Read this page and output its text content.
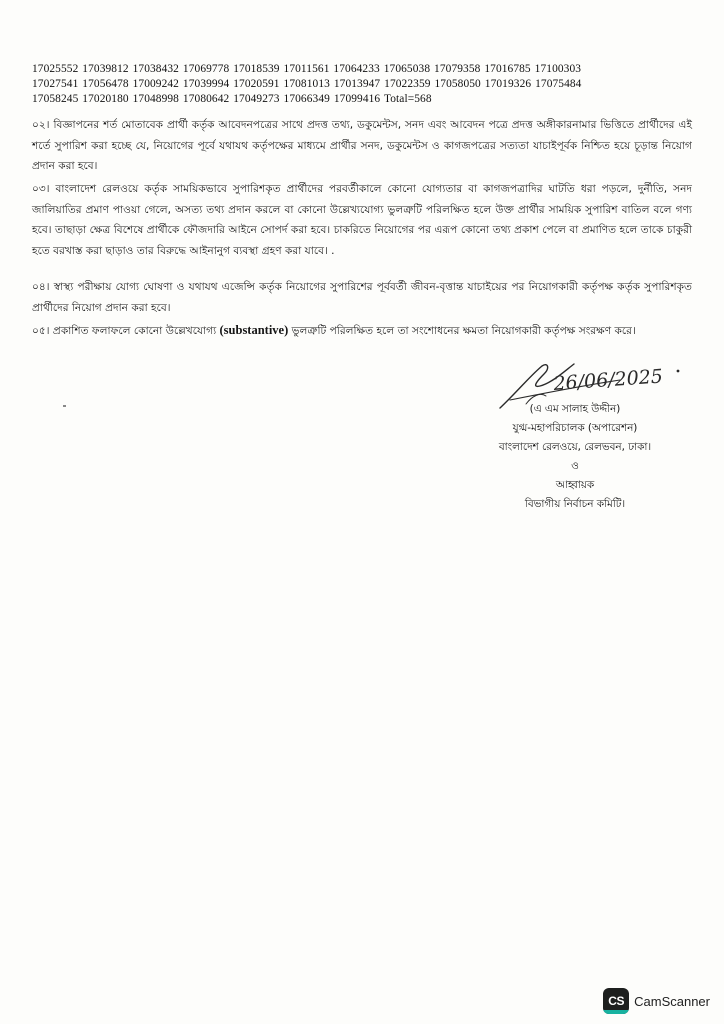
17025552 17039812 17038432 17069778 17018539 17011561 17064233 17065038 17079358 17016785 17100303
17027541 17056478 17009242 17039994 17020591 17081013 17013947 17022359 17058050 17019326 17075484
17058245 17020180 17048998 17080642 17049273 17066349 17099416 Total=568

০২। বিজ্ঞাপনের শর্ত মোতাবেক প্রার্থী কর্তৃক আবেদনপত্রের সাথে প্রদত্ত তথ্য, ডকুমেন্টস, সনদ এবং আবেদন পত্রে প্রদত্ত অঙ্গীকারনামার ভিত্তিতে প্রার্থীদের এই শর্তে সুপারিশ করা হচ্ছে যে, নিয়োগের পূর্বে যথাযথ কর্তৃপক্ষের মাধ্যমে প্রার্থীর সনদ, ডকুমেন্টস ও কাগজপত্রের সত্যতা যাচাইপূর্বক নিশ্চিত হয়ে চূড়ান্ত নিয়োগ প্রদান করা হবে।

০৩। বাংলাদেশ রেলওয়ে কর্তৃক সাময়িকভাবে সুপারিশকৃত প্রার্থীদের পরবর্তীকালে কোনো যোগ্যতার বা কাগজপত্রাদির ঘাটতি ধরা পড়লে, দুর্নীতি, সনদ জালিয়াতির প্রমাণ পাওয়া গেলে, অসত্য তথ্য প্রদান করলে বা কোনো উল্লেখ্যযোগ্য ভুলত্রুটি পরিলক্ষিত হলে উক্ত প্রার্থীর সাময়িক সুপারিশ বাতিল বলে গণ্য হবে। তাছাড়া ক্ষেত্র বিশেষে প্রার্থীকে ফৌজদারি আইনে সোপর্দ করা হবে। চাকরিতে নিয়োগের পর এরূপ কোনো তথ্য প্রকাশ পেলে বা প্রমাণিত হলে তাকে চাকুরী হতে বরখাস্ত করা ছাড়াও তার বিরুদ্ধে আইনানুগ ব্যবস্থা গ্রহণ করা যাবে। .

০৪। স্বাস্থ্য পরীক্ষায় যোগ্য ঘোষণা ও যথাযথ এজেন্সি কর্তৃক নিয়োগের সুপারিশের পূর্ববর্তী জীবন-বৃত্তান্ত যাচাইয়ের পর নিয়োগকারী কর্তৃপক্ষ কর্তৃক সুপারিশকৃত প্রার্থীদের নিয়োগ প্রদান করা হবে।

০৫। প্রকাশিত ফলাফলে কোনো উল্লেখযোগ্য (substantive) ভুলত্রুটি পরিলক্ষিত হলে তা সংশোধনের ক্ষমতা নিয়োগকারী কর্তৃপক্ষ সংরক্ষণ করে।

26/06/2025
(এ এম সালাহ উদ্দীন)
যুগ্ম-মহাপরিচালক (অপারেশন)
বাংলাদেশ রেলওয়ে, রেলভবন, ঢাকা।
ও
আহ্বায়ক
বিভাগীয় নির্বাচন কমিটি।
CS CamScanner
